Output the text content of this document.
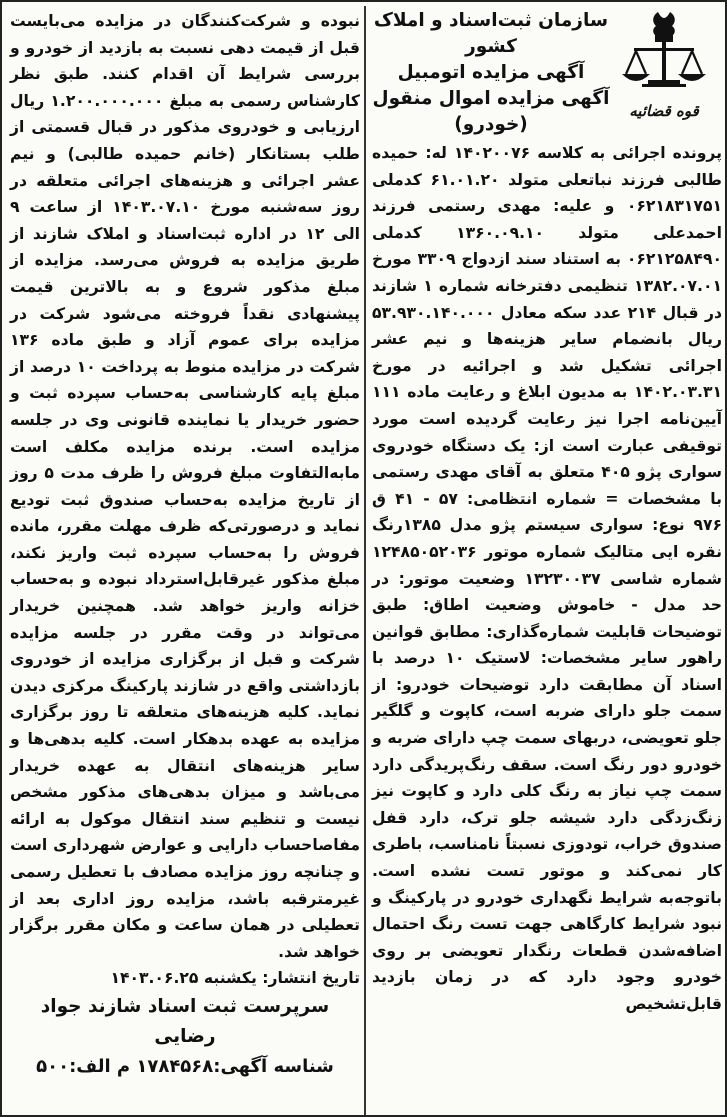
قوه قضائیه
سازمان ثبت‌اسناد و املاک
کشور
آگهی مزایده اتومبیل
آگهی مزایده اموال منقول
(خودرو)

پرونده اجرائی به کلاسه ۱۴۰۲۰۰۷۶ له: حمیده طالبی فرزند نباتعلی متولد ۶۱.۰۱.۲۰ کدملی ۰۶۲۱۸۳۱۷۵۱ و علیه: مهدی رستمی فرزند احمدعلی متولد ۱۳۶۰.۰۹.۱۰ کدملی ۰۶۲۱۲۵۸۴۹۰ به استناد سند ازدواج ۳۳۰۹ مورخ ۱۳۸۲.۰۷.۰۱ تنظیمی دفترخانه شماره ۱ شازند در قبال ۲۱۴ عدد سکه معادل ۵۳.۹۳۰.۱۴۰.۰۰۰ ریال بانضمام سایر هزینه‌ها و نیم عشر اجرائی تشکیل شد و اجرائیه در مورخ ۱۴۰۲.۰۳.۳۱ به مدیون ابلاغ و رعایت ماده ۱۱۱ آیین‌نامه اجرا نیز رعایت گردیده است مورد توقیفی عبارت است از: یک دستگاه خودروی سواری پژو ۴۰۵ متعلق به آقای مهدی رستمی با مشخصات = شماره انتظامی: ۵۷ - ۴۱ ق ۹۷۶ نوع: سواری سیستم پژو مدل ۱۳۸۵رنگ نقره ایی متالیک شماره موتور ۱۲۴۸۵۰۵۲۰۳۶ شماره شاسی ۱۳۲۳۰۰۳۷ وضعیت موتور: در حد مدل - خاموش وضعیت اطاق: طبق توضیحات قابلیت شماره‌گذاری: مطابق قوانین راهور سایر مشخصات: لاستیک ۱۰ درصد با اسناد آن مطابقت دارد توضیحات خودرو: از سمت جلو دارای ضربه است، کاپوت و گلگیر جلو تعویضی، دربهای سمت چپ دارای ضربه و خودرو دور رنگ است. سقف رنگ‌پریدگی دارد سمت چپ نیاز به رنگ کلی دارد و کاپوت نیز زنگ‌زدگی دارد شیشه جلو ترک، دارد قفل صندوق خراب، تودوزی نسبتاً نامناسب، باطری کار نمی‌کند و موتور تست نشده است. باتوجه‌به شرایط نگهداری خودرو در پارکینگ و نبود شرایط کارگاهی جهت تست رنگ احتمال اضافه‌شدن قطعات رنگدار تعویضی بر روی خودرو وجود دارد که در زمان بازدید قابل‌تشخیص

نبوده و شرکت‌کنندگان در مزایده می‌بایست قبل از قیمت دهی نسبت به بازدید از خودرو و بررسی شرایط آن اقدام کنند. طبق نظر کارشناس رسمی به مبلغ ۱.۲۰۰.۰۰۰.۰۰۰ ریال ارزیابی و خودروی مذکور در قبال قسمتی از طلب بستانکار (خانم حمیده طالبی) و نیم عشر اجرائی و هزینه‌های اجرائی متعلقه در روز سه‌شنبه مورخ ۱۴۰۳.۰۷.۱۰ از ساعت ۹ الی ۱۲ در اداره ثبت‌اسناد و املاک شازند از طریق مزایده به فروش می‌رسد. مزایده از مبلغ مذکور شروع و به بالاترین قیمت پیشنهادی نقداً فروخته می‌شود شرکت در مزایده برای عموم آزاد و طبق ماده ۱۳۶ شرکت در مزایده منوط به پرداخت ۱۰ درصد از مبلغ پایه کارشناسی به‌حساب سپرده ثبت و حضور خریدار یا نماینده قانونی وی در جلسه مزایده است. برنده مزایده مکلف است مابه‌التفاوت مبلغ فروش را ظرف مدت ۵ روز از تاریخ مزایده به‌حساب صندوق ثبت تودیع نماید و درصورتی‌که ظرف مهلت مقرر، مانده فروش را به‌حساب سپرده ثبت واریز نکند، مبلغ مذکور غیرقابل‌استرداد نبوده و به‌حساب خزانه واریز خواهد شد. همچنین خریدار می‌تواند در وقت مقرر در جلسه مزایده شرکت و قبل از برگزاری مزایده از خودروی بازداشتی واقع در شازند پارکینگ مرکزی دیدن نماید. کلیه هزینه‌های متعلقه تا روز برگزاری مزایده به عهده بدهکار است. کلیه بدهی‌ها و سایر هزینه‌های انتقال به عهده خریدار می‌باشد و میزان بدهی‌های مذکور مشخص نیست و تنظیم سند انتقال موکول به ارائه مفاصاحساب دارایی و عوارض شهرداری است و چنانچه روز مزایده مصادف با تعطیل رسمی غیرمترقبه باشد، مزایده روز اداری بعد از تعطیلی در همان ساعت و مکان مقرر برگزار خواهد شد.

تاریخ انتشار: یکشنبه ۱۴۰۳.۰۶.۲۵

سرپرست ثبت اسناد شازند جواد رضایی
شناسه آگهی:۱۷۸۴۵۶۸ م الف:۵۰۰
